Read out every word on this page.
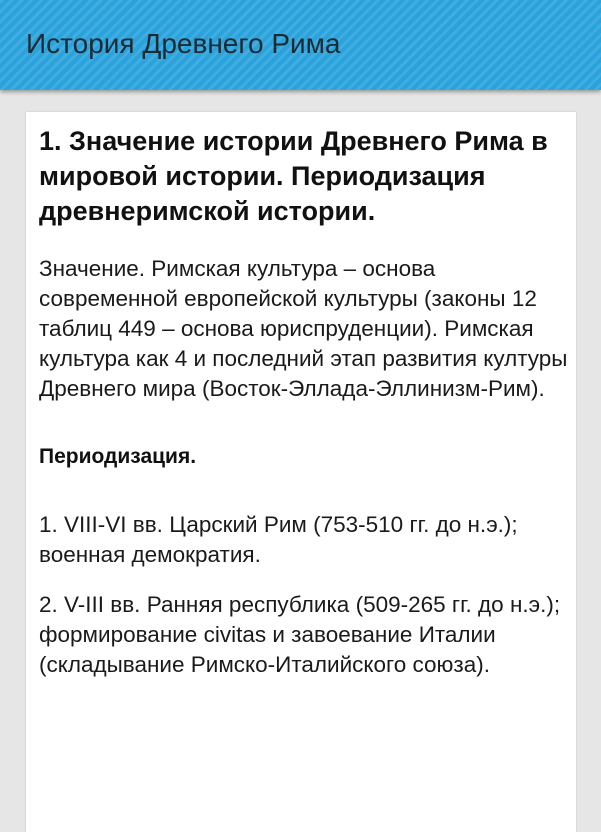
История Древнего Рима
1. Значение истории Древнего Рима в мировой истории. Периодизация древнеримской истории.

Значение. Римская культура – основа современной европейской культуры (законы 12 таблиц 449 – основа юриспруденции). Римская культура как 4 и последний этап развития културы Древнего мира (Восток-Эллада-Эллинизм-Рим).

Периодизация.

1. VIII-VI вв. Царский Рим (753-510 гг. до н.э.); военная демократия.

2. V-III вв. Ранняя республика (509-265 гг. до н.э.); формирование civitas и завоевание Италии (складывание Римско-Италийского союза).
